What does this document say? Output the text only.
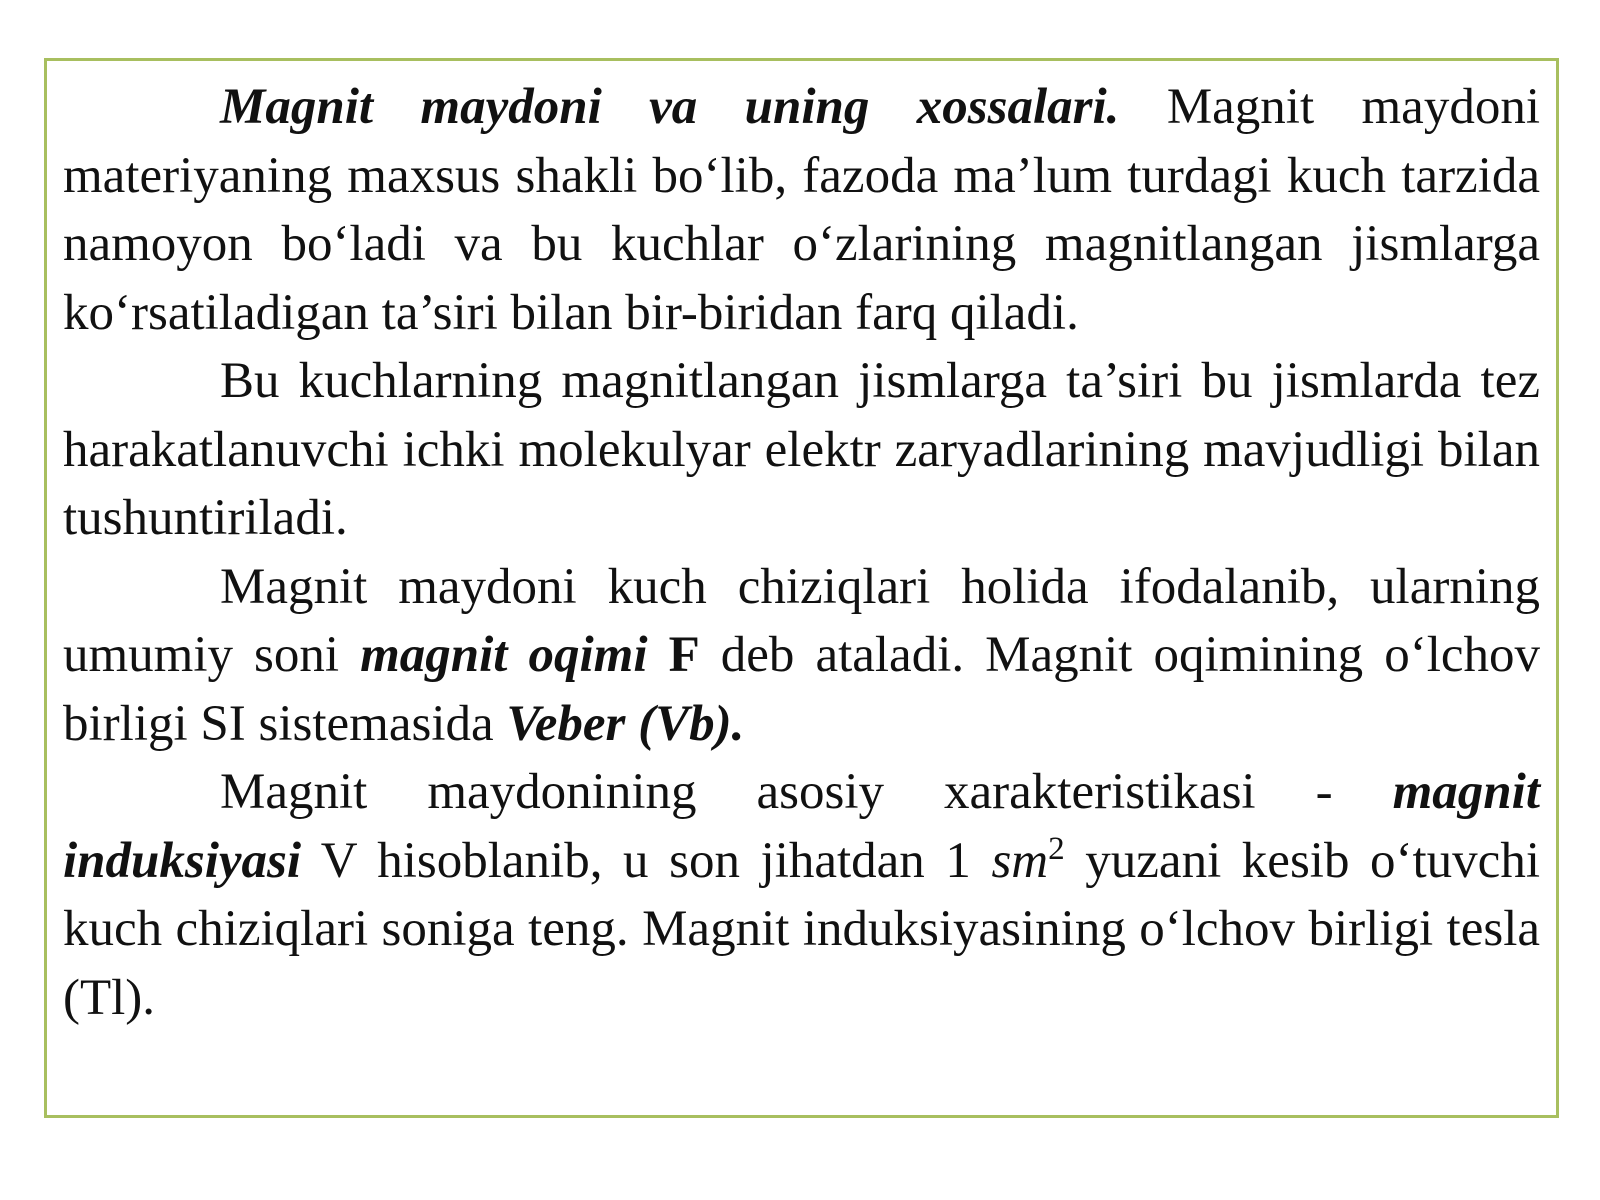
Magnit maydoni va uning xossalari. Magnit maydoni materiyaning maxsus shakli bo‘lib, fazoda ma’lum turdagi kuch tarzida namoyon bo‘ladi va bu kuchlar o‘zlarining magnitlangan jismlarga ko‘rsatiladigan ta’siri bilan bir-biridan farq qiladi.

Bu kuchlarning magnitlangan jismlarga ta’siri bu jismlarda tez harakatlanuvchi ichki molekulyar elektr zaryadlarining mavjudligi bilan tushuntiriladi.

Magnit maydoni kuch chiziqlari holida ifodalanib, ularning umumiy soni magnit oqimi F deb ataladi. Magnit oqimining o‘lchov birligi SI sistemasida Veber (Vb).

Magnit maydonining asosiy xarakteristikasi - magnit induksiyasi V hisoblanib, u son jihatdan 1 $sm^2$ yuzani kesib o‘tuvchi kuch chiziqlari soniga teng. Magnit induksiyasining o‘lchov birligi tesla (Tl).
